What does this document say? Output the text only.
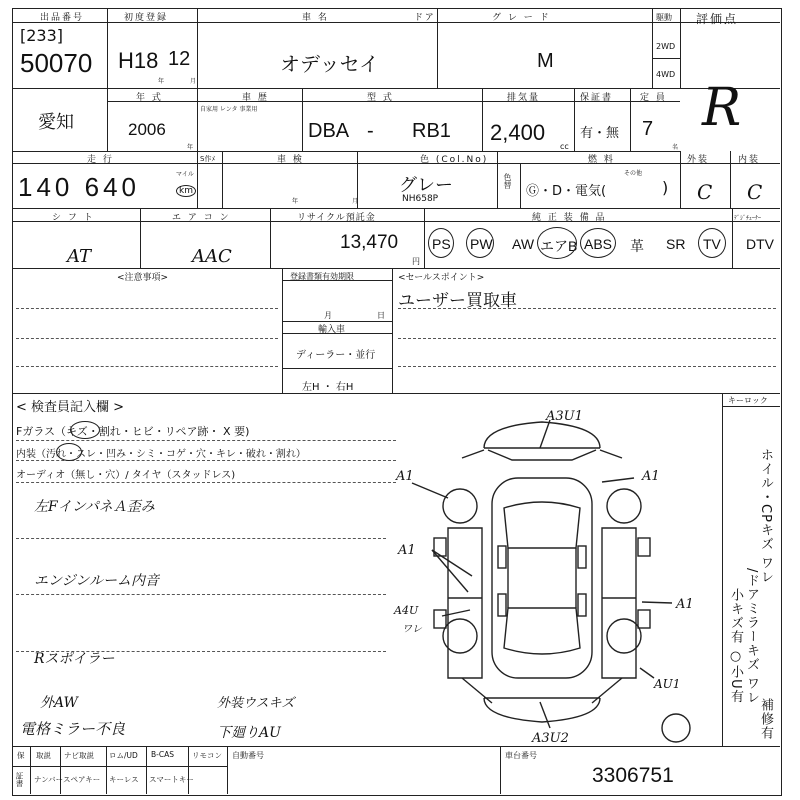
出品番号
[233]
50070
初度登録
H18 12
年	月
車 名
オデッセイ
ドア	グ レ ー ド
M
駆動
2WD
4WD
評価点
R
愛知
年 式
2006
年
車 歴
自家用 レンタ 事業用
型 式
DBA - RB1
排気量
2,400
cc
保証書
有・無
定 員
7
名
走 行
140 640	マイル
km
S作ﾒ	車 検
年	月
色 (Col.No)
グレー
NH658P
色替
燃 料
Ⓖ・D・電気(
その他
)
外装
C
内装
C
シ フ ト
AT
エ ア コ ン
AAC
リサイクル預託金
13,470
円
純 正 装 備 品	ﾃﾞｼﾞﾁｭｰﾅｰ
PS PW AW エアB ABS 革 SR TV DTV
<注意事項>	登録書類有効期限
月	日
輸入車
ディーラー・並行
左H ・ 右H
<セールスポイント>
ユーザー買取車
< 検査員記入欄 >
Fガラス（キズ・割れ・ヒビ・リペア跡・ X 要)
内装（汚れ・スレ・凹み・シミ・コゲ・穴・キレ・破れ・割れ）
オーディオ（無し・穴）/ タイヤ（スタッドレス)
左FインパネＡ歪み
エンジンルーム内音
Rスポイラー
外AW
電格ミラー不良
外装ウスキズ
下廻りAU
キーロック
ホイル・CPキズ ワレ
/ドアミラーキズ ワレ
小キズ有 ○小U有
補修有
A3U1
A1
A1
A1
A4U
ワレ
A1
AU1
A3U2
保
証書
取説 ナビ取説 ロム/UD B-CAS リモコン
ナンバー スペアキー キーレス スマートキー
自動番号	車台番号
3306751
